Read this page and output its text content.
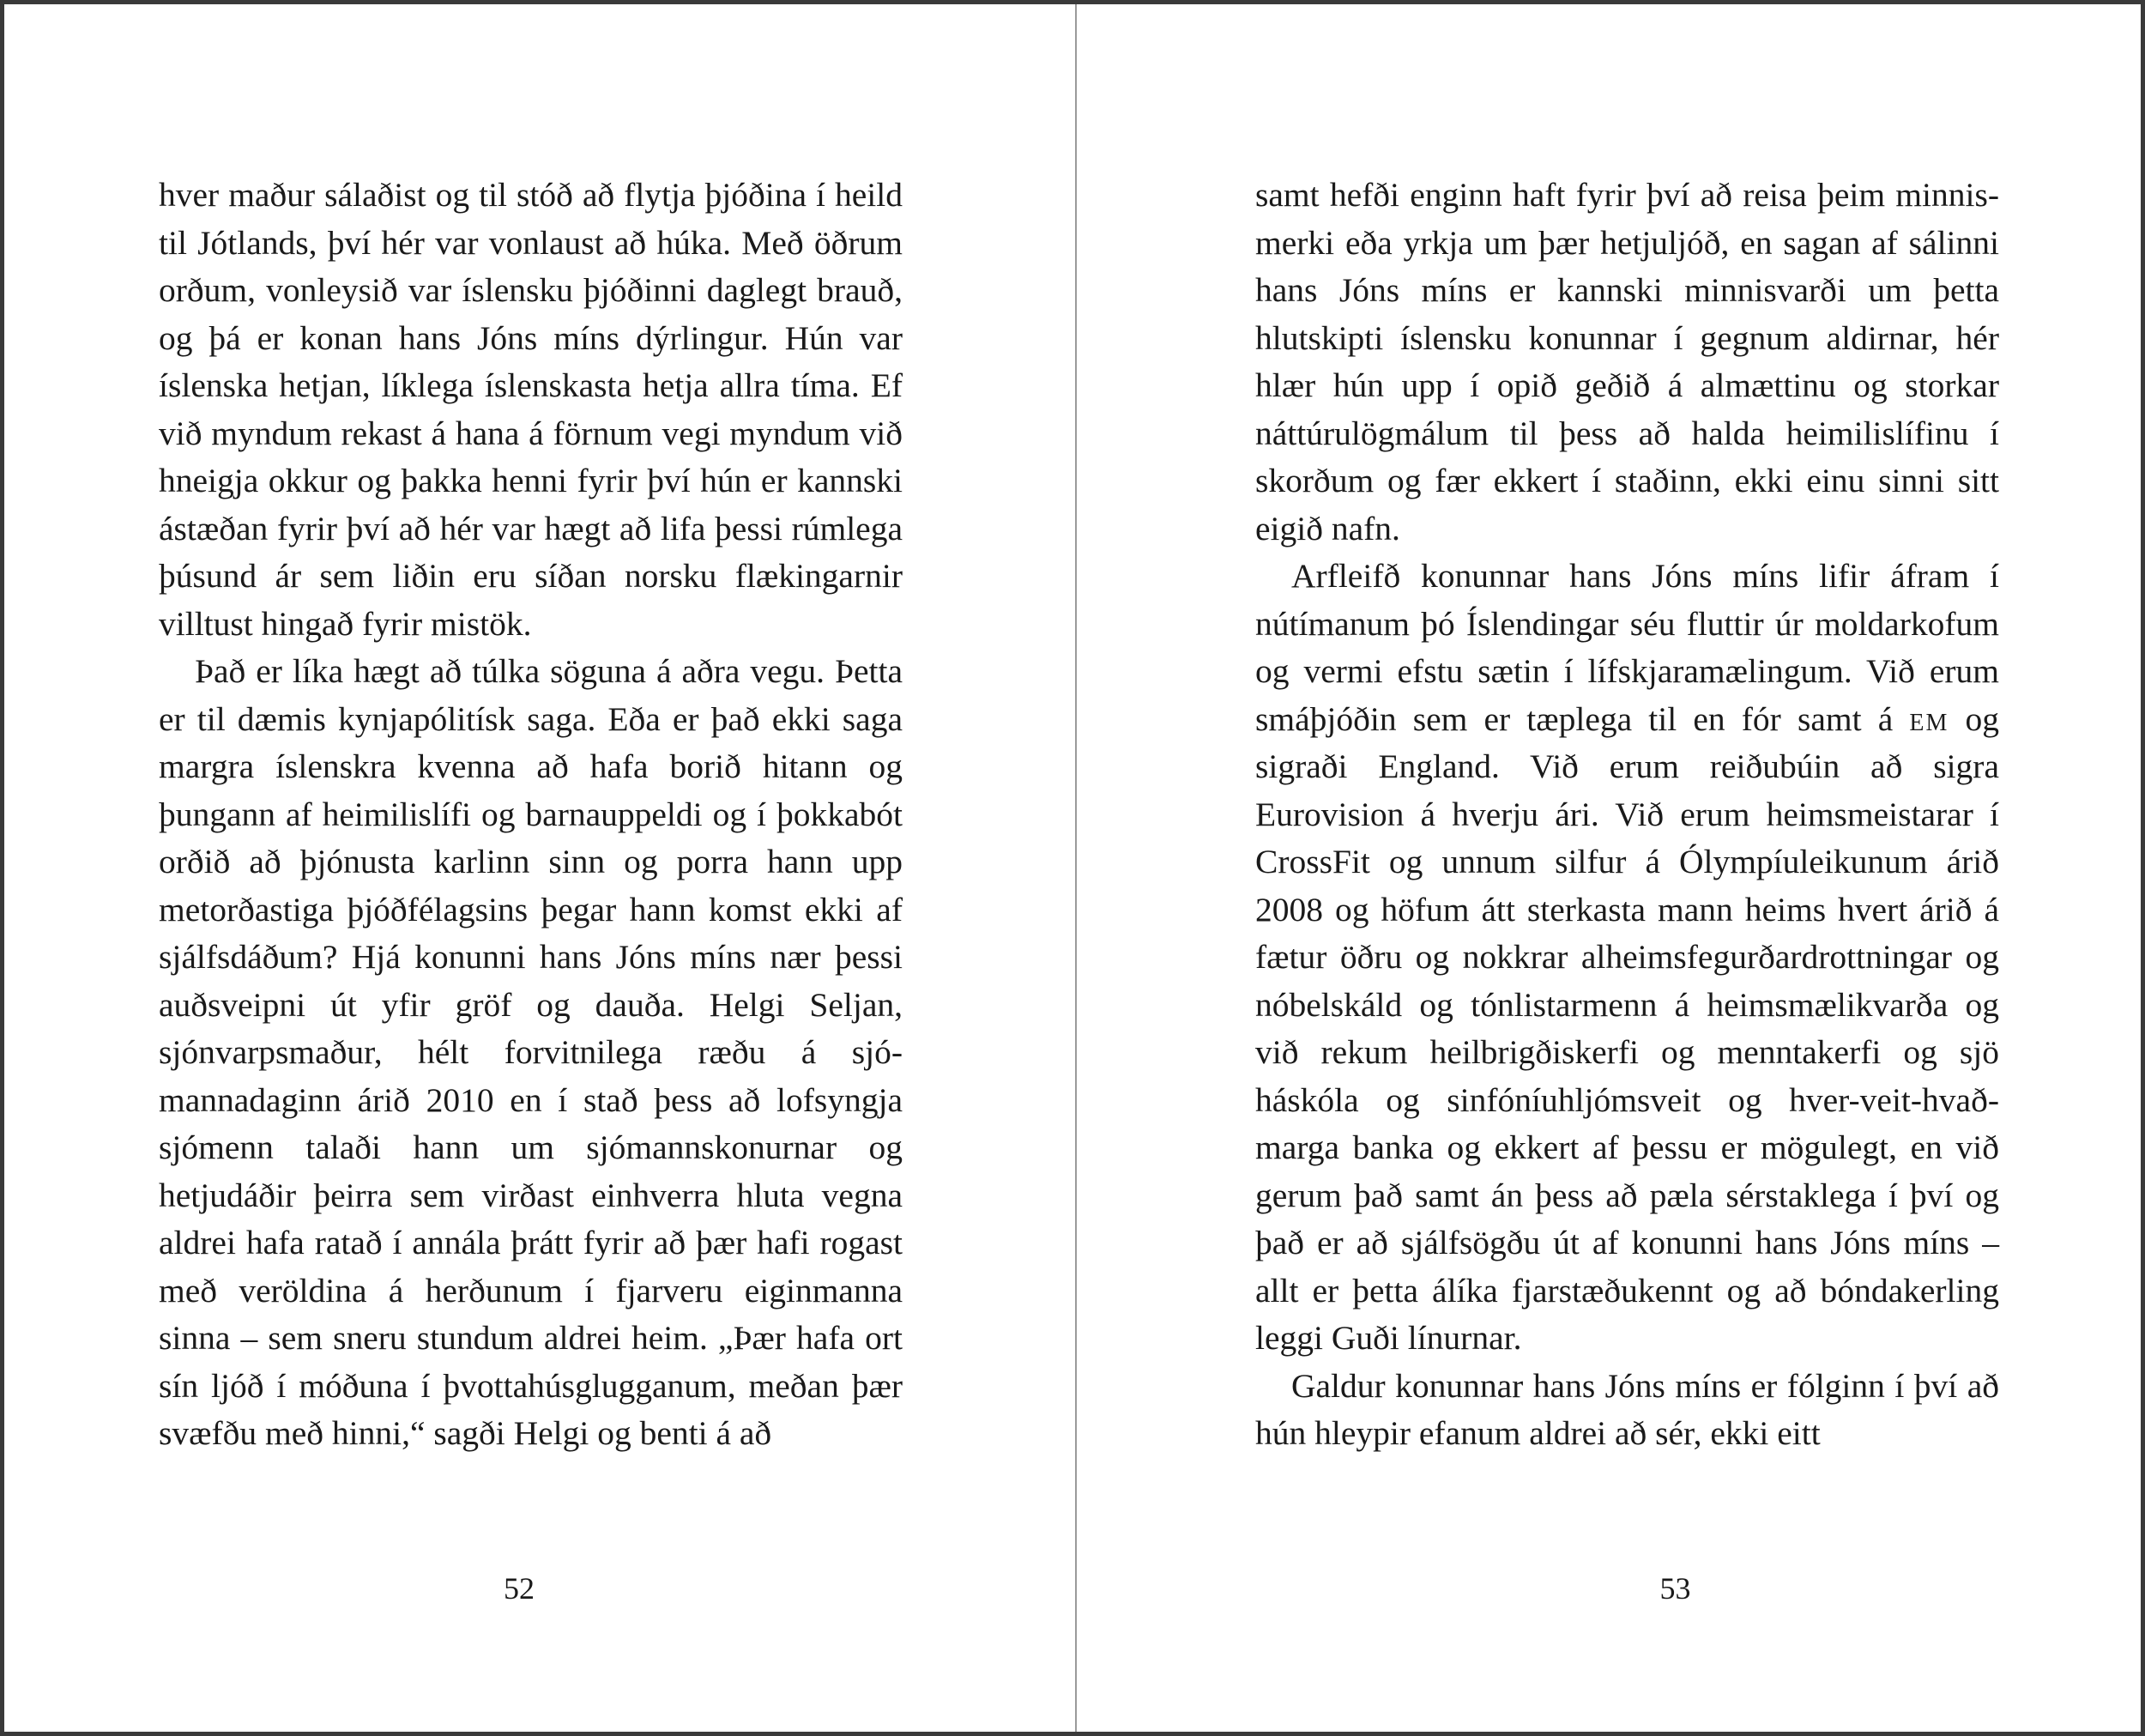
hver maður sálaðist og til stóð að flytja þjóðina í heild til Jótlands, því hér var vonlaust að húka. Með öðrum orðum, vonleysið var íslensku þjóðinni daglegt brauð, og þá er konan hans Jóns míns dýrlingur. Hún var íslenska hetjan, líklega íslenskasta hetja allra tíma. Ef við myndum rekast á hana á förnum vegi myndum við hneigja okkur og þakka henni fyrir því hún er kannski ástæðan fyrir því að hér var hægt að lifa þessi rúmlega þúsund ár sem liðin eru síðan norsku flækingarnir villtust hingað fyrir mistök.

Það er líka hægt að túlka söguna á aðra vegu. Þetta er til dæmis kynjapólitísk saga. Eða er það ekki saga margra íslenskra kvenna að hafa borið hitann og þungann af heimilislífi og barnauppeldi og í þokkabót orðið að þjónusta karlinn sinn og porra hann upp metorðastiga þjóðfélagsins þegar hann komst ekki af sjálfsdáðum? Hjá konunni hans Jóns míns nær þessi auðsveipni út yfir gröf og dauða. Helgi Seljan, sjónvarpsmaður, hélt forvitnilega ræðu á sjómannadaginn árið 2010 en í stað þess að lofsyngja sjómenn talaði hann um sjómannskonurnar og hetjudáðir þeirra sem virðast einhverra hluta vegna aldrei hafa ratað í annála þrátt fyrir að þær hafi rogast með veröldina á herðunum í fjarveru eiginmanna sinna – sem sneru stundum aldrei heim. „Þær hafa ort sín ljóð í móðuna í þvottahúsglugganum, meðan þær svæfðu með hinni,“ sagði Helgi og benti á að

52

samt hefði enginn haft fyrir því að reisa þeim minnismerki eða yrkja um þær hetjuljóð, en sagan af sálinni hans Jóns míns er kannski minnisvarði um þetta hlutskipti íslensku konunnar í gegnum aldirnar, hér hlær hún upp í opið geðið á almættinu og storkar náttúrulögmálum til þess að halda heimilislífinu í skorðum og fær ekkert í staðinn, ekki einu sinni sitt eigið nafn.

Arfleifð konunnar hans Jóns míns lifir áfram í nútímanum þó Íslendingar séu fluttir úr moldarkofum og vermi efstu sætin í lífskjaramælingum. Við erum smáþjóðin sem er tæplega til en fór samt á em og sigraði England. Við erum reiðubúin að sigra Eurovision á hverju ári. Við erum heimsmeistarar í CrossFit og unnum silfur á Ólympíuleikunum árið 2008 og höfum átt sterkasta mann heims hvert árið á fætur öðru og nokkrar alheimsfegurðardrottningar og nóbelskáld og tónlistarmenn á heimsmælikvarða og við rekum heilbrigðiskerfi og menntakerfi og sjö háskóla og sinfóníuhljómsveit og hver-veit-hvað-marga banka og ekkert af þessu er mögulegt, en við gerum það samt án þess að pæla sérstaklega í því og það er að sjálfsögðu út af konunni hans Jóns míns – allt er þetta álíka fjarstæðukennt og að bóndakerling leggi Guði línurnar.

Galdur konunnar hans Jóns míns er fólginn í því að hún hleypir efanum aldrei að sér, ekki eitt

53
